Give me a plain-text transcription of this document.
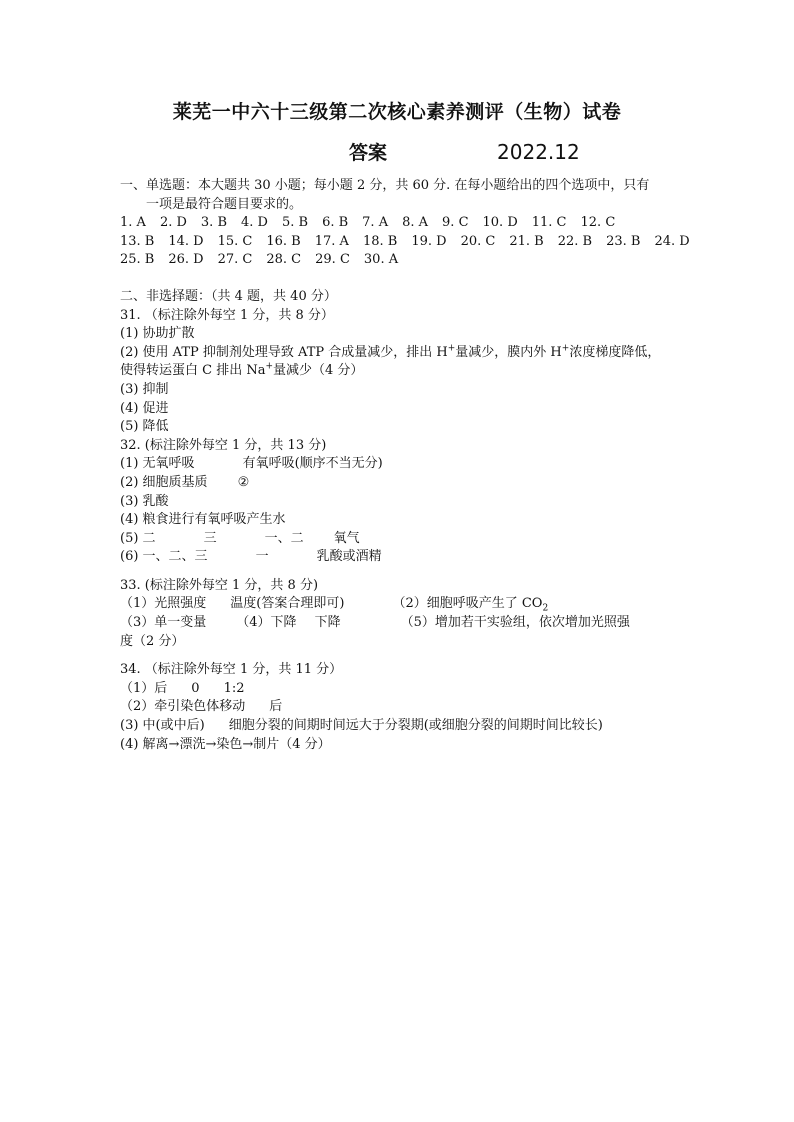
莱芜一中六十三级第二次核心素养测评（生物）试卷
答案	2022.12
一、单选题：本大题共 30 小题；每小题 2 分，共 60 分. 在每小题给出的四个选项中，只有
一项是最符合题目要求的。
1. A 2. D 3. B 4. D 5. B 6. B 7. A 8. A 9. C 10. D 11. C 12. C
13. B 14. D 15. C 16. B 17. A 18. B 19. D 20. C 21. B 22. B 23. B 24. D
25. B 26. D 27. C 28. C 29. C 30. A
二、非选择题：（共 4 题，共 40 分）
31. （标注除外每空 1 分，共 8 分）
(1) 协助扩散
(2) 使用 ATP 抑制剂处理导致 ATP 合成量减少，排出 H+量减少，膜内外 H+浓度梯度降低，
使得转运蛋白 C 排出 Na+量减少（4 分）
(3) 抑制
(4) 促进
(5) 降低
32. (标注除外每空 1 分，共 13 分)
(1) 无氧呼吸	有氧呼吸(顺序不当无分)
(2) 细胞质基质 ②
(3) 乳酸
(4) 粮食进行有氧呼吸产生水
(5) 二	三	一、二 氧气
(6) 一、二、三	一	乳酸或酒精
33. (标注除外每空 1 分，共 8 分)
（1）光照强度 温度(答案合理即可)	（2）细胞呼吸产生了 $CO_2$
（3）单一变量 （4）下降 下降	（5）增加若干实验组，依次增加光照强
度（2 分）
34. （标注除外每空 1 分，共 11 分）
（1）后 0 1:2
（2）牵引染色体移动 后
(3) 中(或中后) 细胞分裂的间期时间远大于分裂期(或细胞分裂的间期时间比较长)
(4) 解离→漂洗→染色→制片（4 分）
